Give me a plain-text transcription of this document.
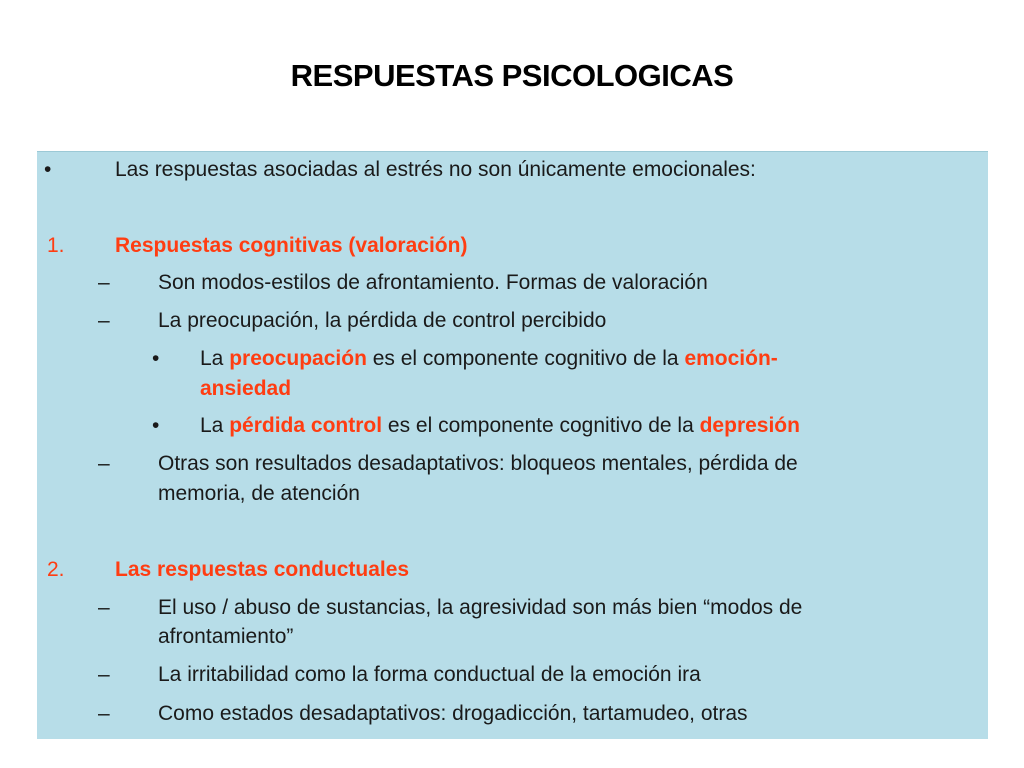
RESPUESTAS PSICOLOGICAS
•	Las respuestas asociadas al estrés no son únicamente emocionales:
1. Respuestas cognitivas (valoración)
– Son modos-estilos de afrontamiento. Formas de valoración
– La preocupación, la pérdida de control percibido
• La preocupación es el componente cognitivo de la emoción-
ansiedad
• La pérdida control es el componente cognitivo de la depresión
– Otras son resultados desadaptativos: bloqueos mentales, pérdida de
memoria, de atención
2. Las respuestas conductuales
– El uso / abuso de sustancias, la agresividad son más bien “modos de
afrontamiento”
– La irritabilidad como la forma conductual de la emoción ira
– Como estados desadaptativos: drogadicción, tartamudeo, otras
